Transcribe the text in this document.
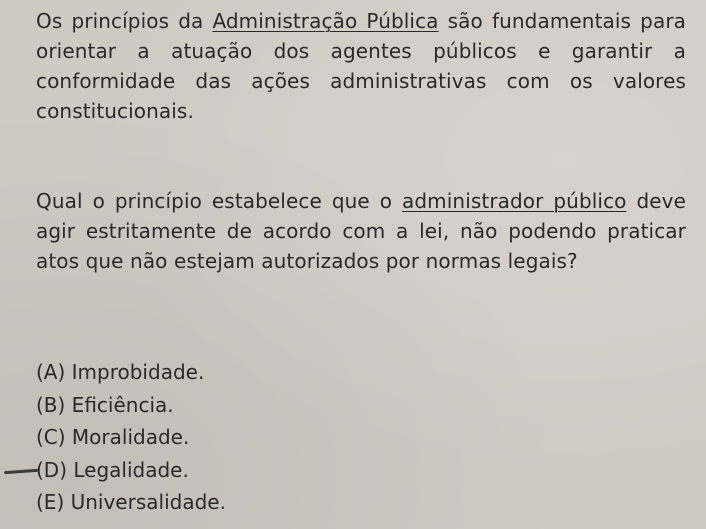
Os princípios da Administração Pública são fundamentais para orientar a atuação dos agentes públicos e garantir a conformidade das ações administrativas com os valores constitucionais.

Qual o princípio estabelece que o administrador público deve agir estritamente de acordo com a lei, não podendo praticar atos que não estejam autorizados por normas legais?

(A) Improbidade.
(B) Eficiência.
(C) Moralidade.
(D) Legalidade.
(E) Universalidade.
